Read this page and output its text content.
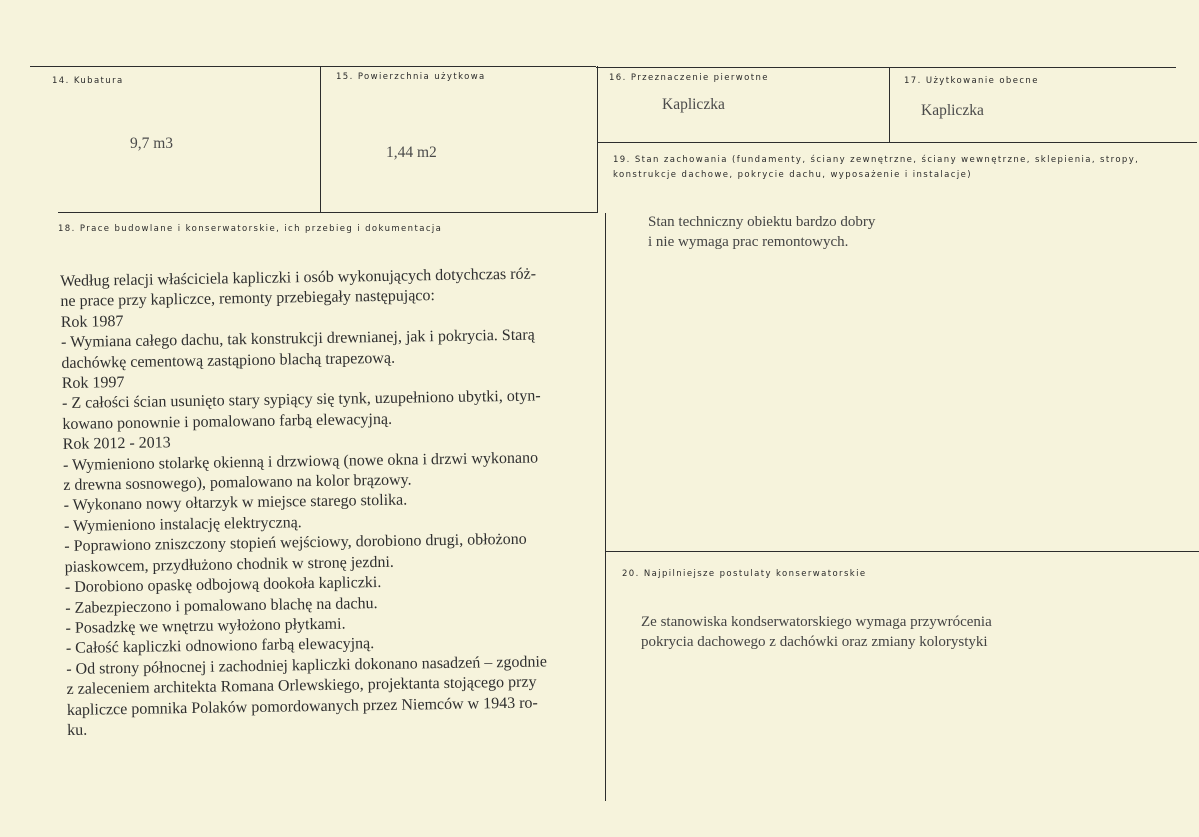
14. Kubatura
9,7 m3
15. Powierzchnia użytkowa
1,44 m2
16. Przeznaczenie pierwotne
Kapliczka
17. Użytkowanie obecne
Kapliczka
19. Stan zachowania (fundamenty, ściany zewnętrzne, ściany wewnętrzne, sklepienia, stropy, konstrukcje dachowe, pokrycie dachu, wyposażenie i instalacje)
Stan techniczny obiektu bardzo dobry
i nie wymaga prac remontowych.
18. Prace budowlane i konserwatorskie, ich przebieg i dokumentacja
Według relacji właściciela kapliczki i osób wykonujących dotychczas róż-
ne prace przy kapliczce, remonty przebiegały następująco:
Rok 1987
- Wymiana całego dachu, tak konstrukcji drewnianej, jak i pokrycia. Starą
dachówkę cementową zastąpiono blachą trapezową.
Rok 1997
- Z całości ścian usunięto stary sypiący się tynk, uzupełniono ubytki, otyn-
kowano ponownie i pomalowano farbą elewacyjną.
Rok 2012 - 2013
- Wymieniono stolarkę okienną i drzwiową (nowe okna i drzwi wykonano
z drewna sosnowego), pomalowano na kolor brązowy.
- Wykonano nowy ołtarzyk w miejsce starego stolika.
- Wymieniono instalację elektryczną.
- Poprawiono zniszczony stopień wejściowy, dorobiono drugi, obłożono
piaskowcem, przydłużono chodnik w stronę jezdni.
- Dorobiono opaskę odbojową dookoła kapliczki.
- Zabezpieczono i pomalowano blachę na dachu.
- Posadzkę we wnętrzu wyłożono płytkami.
- Całość kapliczki odnowiono farbą elewacyjną.
- Od strony północnej i zachodniej kapliczki dokonano nasadzeń – zgodnie
z zaleceniem architekta Romana Orlewskiego, projektanta stojącego przy
kapliczce pomnika Polaków pomordowanych przez Niemców w 1943 ro-
ku.
20. Najpilniejsze postulaty konserwatorskie
Ze stanowiska kondserwatorskiego wymaga przywrócenia
pokrycia dachowego z dachówki oraz zmiany kolorystyki
